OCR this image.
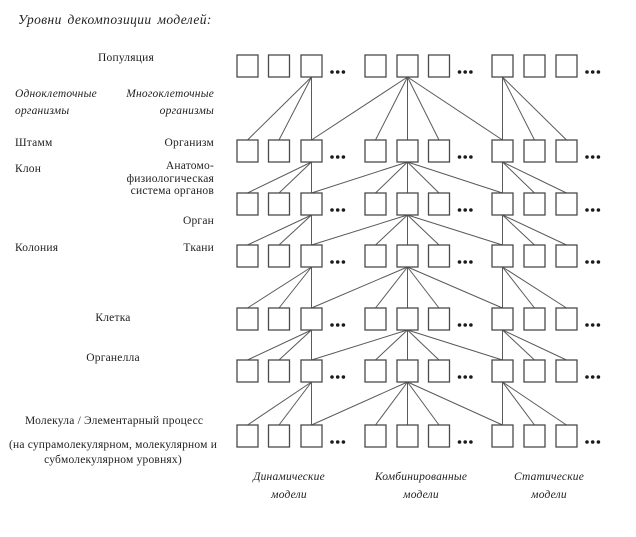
Уровни декомпозиции моделей:
Популяция
Одноклеточные организмы
Многоклеточные организмы
Штамм	Организм
Клон	Анатомо-физиологическая система органов
Орган
Колония	Ткани
Клетка
Органелла
Молекула / Элементарный процесс
(на супрамолекулярном, молекулярном и субмолекулярном уровнях)
Динамические модели
Комбинированные модели
Статические модели
